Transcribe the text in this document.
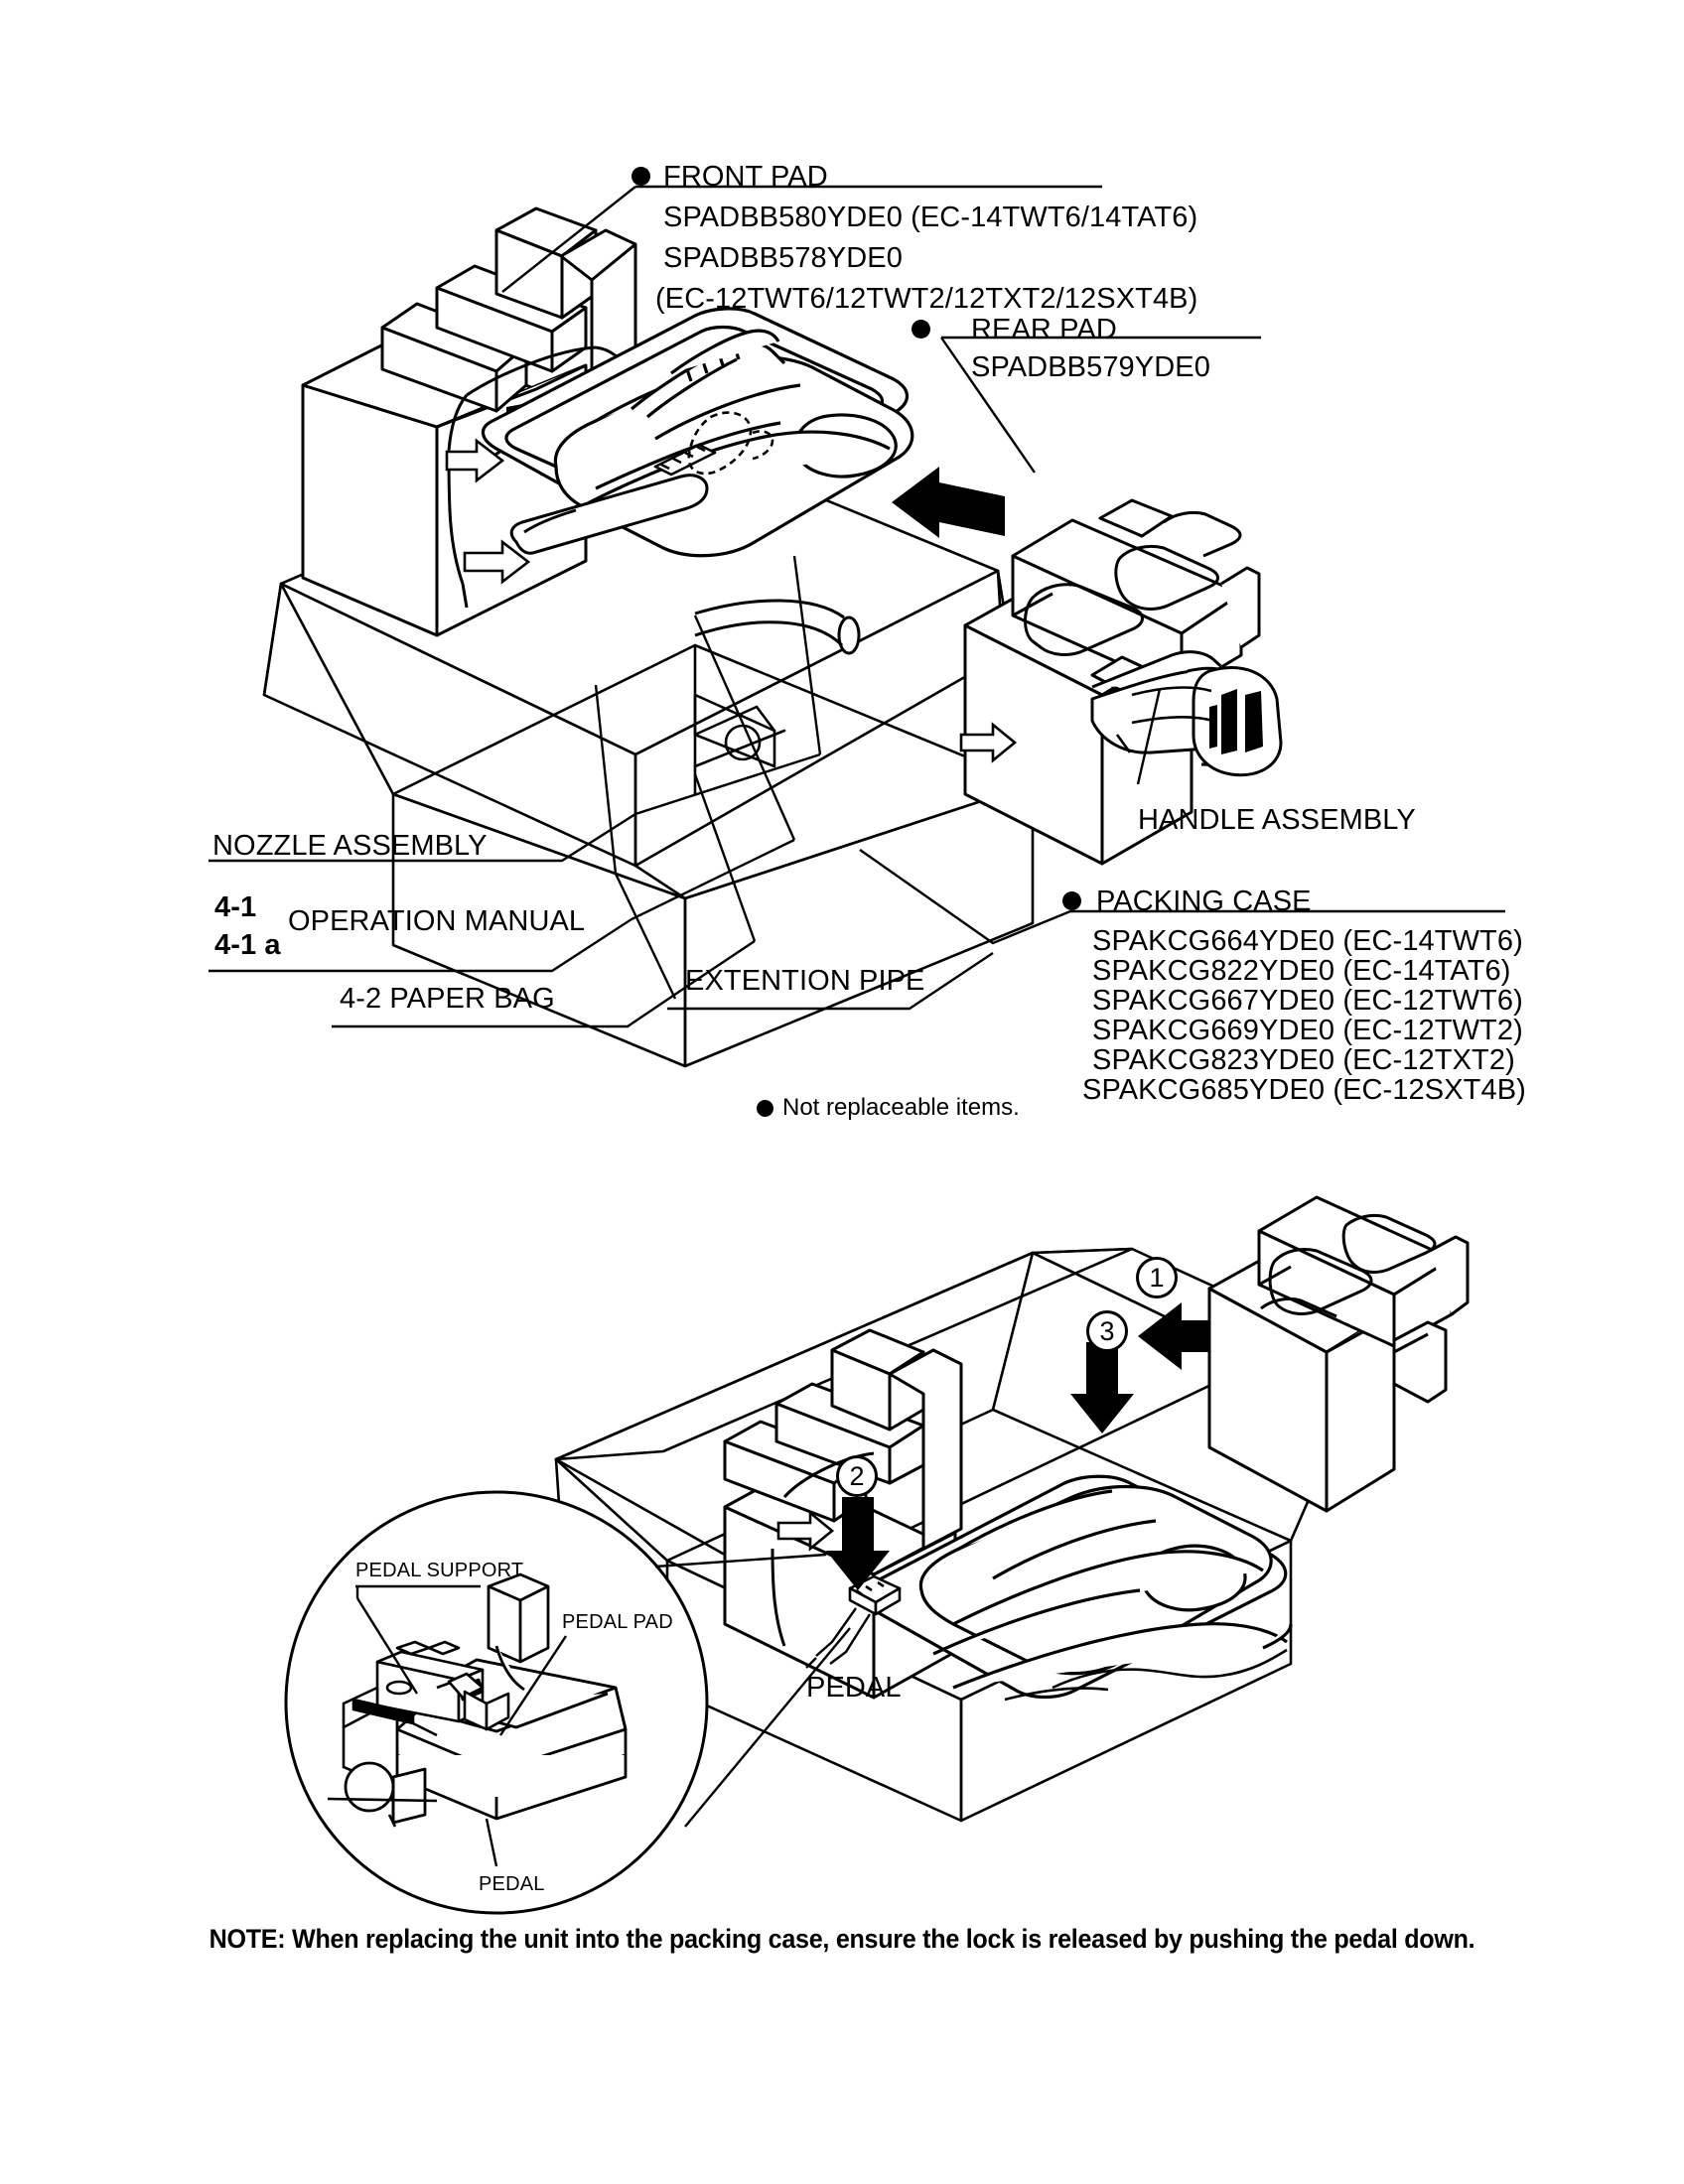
FRONT PAD
SPADBB580YDE0 (EC-14TWT6/14TAT6)
SPADBB578YDE0
(EC-12TWT6/12TWT2/12TXT2/12SXT4B)
REAR PAD
SPADBB579YDE0
HANDLE ASSEMBLY
NOZZLE ASSEMBLY
4-1
4-1 a
OPERATION MANUAL
4-2 PAPER BAG
EXTENTION PIPE
PACKING CASE
SPAKCG664YDE0 (EC-14TWT6)
SPAKCG822YDE0 (EC-14TAT6)
SPAKCG667YDE0 (EC-12TWT6)
SPAKCG669YDE0 (EC-12TWT2)
SPAKCG823YDE0 (EC-12TXT2)
SPAKCG685YDE0 (EC-12SXT4B)
Not replaceable items.
1
3
2
PEDAL
PEDAL SUPPORT
PEDAL PAD
PEDAL
NOTE: When replacing the unit into the packing case, ensure the lock is released by pushing the pedal down.
